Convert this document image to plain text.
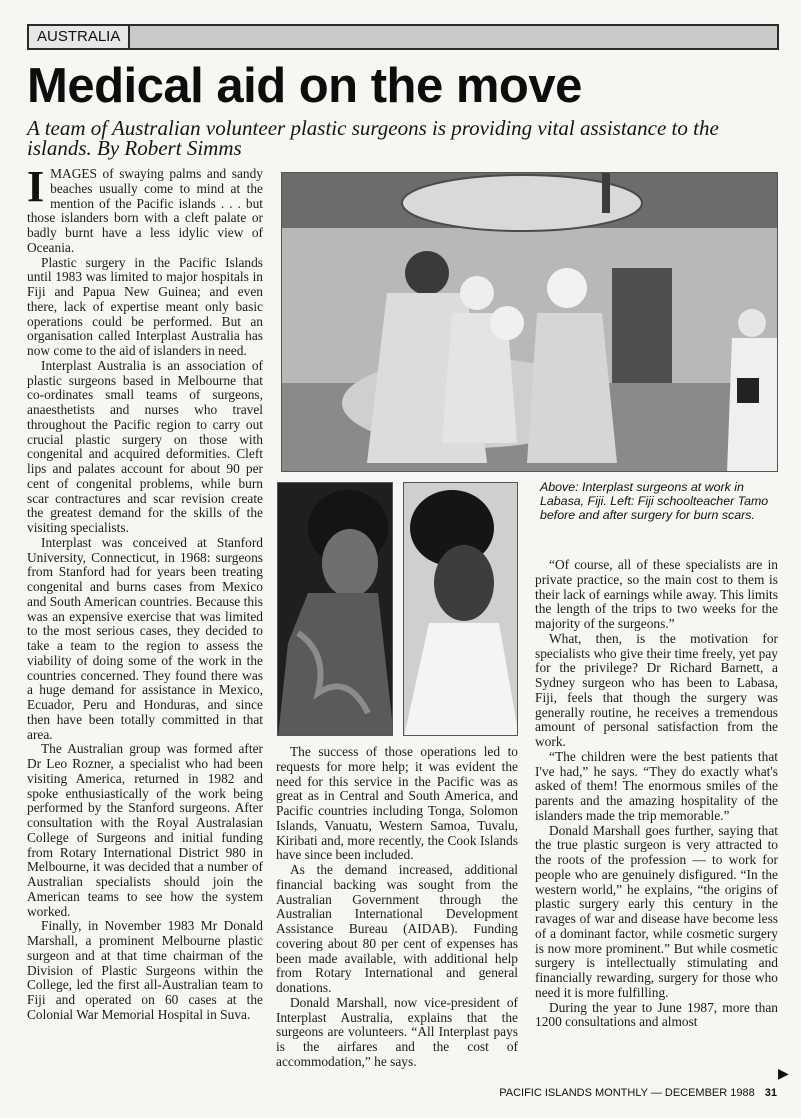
AUSTRALIA
Medical aid on the move
A team of Australian volunteer plastic surgeons is providing vital assistance to the islands. By Robert Simms

IMAGES of swaying palms and sandy beaches usually come to mind at the mention of the Pacific islands . . . but those islanders born with a cleft palate or badly burnt have a less idylic view of Oceania.

Plastic surgery in the Pacific Islands until 1983 was limited to major hospitals in Fiji and Papua New Guinea; and even there, lack of expertise meant only basic operations could be performed. But an organisation called Interplast Australia has now come to the aid of islanders in need.

Interplast Australia is an association of plastic surgeons based in Melbourne that co-ordinates small teams of surgeons, anaesthetists and nurses who travel throughout the Pacific region to carry out crucial plastic surgery on those with congenital and acquired deformities. Cleft lips and palates account for about 90 per cent of congenital problems, while burn scar contractures and scar revision create the greatest demand for the skills of the visiting specialists.

Interplast was conceived at Stanford University, Connecticut, in 1968: surgeons from Stanford had for years been treating congenital and burns cases from Mexico and South American countries. Because this was an expensive exercise that was limited to the most serious cases, they decided to take a team to the region to assess the viability of doing some of the work in the countries concerned. They found there was a huge demand for assistance in Mexico, Ecuador, Peru and Honduras, and since then have been totally committed in that area.

The Australian group was formed after Dr Leo Rozner, a specialist who had been visiting America, returned in 1982 and spoke enthusiastically of the work being performed by the Stanford surgeons. After consultation with the Royal Australasian College of Surgeons and initial funding from Rotary International District 980 in Melbourne, it was decided that a number of Australian specialists should join the American teams to see how the system worked.

Finally, in November 1983 Mr Donald Marshall, a prominent Melbourne plastic surgeon and at that time chairman of the Division of Plastic Surgeons within the College, led the first all-Australian team to Fiji and operated on 60 cases at the Colonial War Memorial Hospital in Suva.

Above: Interplast surgeons at work in Labasa, Fiji. Left: Fiji schoolteacher Tamo before and after surgery for burn scars.

The success of those operations led to requests for more help; it was evident the need for this service in the Pacific was as great as in Central and South America, and Pacific countries including Tonga, Solomon Islands, Vanuatu, Western Samoa, Tuvalu, Kiribati and, more recently, the Cook Islands have since been included.

As the demand increased, additional financial backing was sought from the Australian Government through the Australian International Development Assistance Bureau (AIDAB). Funding covering about 80 per cent of expenses has been made available, with additional help from Rotary International and general donations.

Donald Marshall, now vice-president of Interplast Australia, explains that the surgeons are volunteers. “All Interplast pays is the airfares and the cost of accommodation,” he says.

“Of course, all of these specialists are in private practice, so the main cost to them is their lack of earnings while away. This limits the length of the trips to two weeks for the majority of the surgeons.”

What, then, is the motivation for specialists who give their time freely, yet pay for the privilege? Dr Richard Barnett, a Sydney surgeon who has been to Labasa, Fiji, feels that though the surgery was generally routine, he receives a tremendous amount of personal satisfaction from the work.

“The children were the best patients that I've had,” he says. “They do exactly what's asked of them! The enormous smiles of the parents and the amazing hospitality of the islanders made the trip memorable.”

Donald Marshall goes further, saying that the true plastic surgeon is very attracted to the roots of the profession — to work for people who are genuinely disfigured. “In the western world,” he explains, “the origins of plastic surgery early this century in the ravages of war and disease have become less of a dominant factor, while cosmetic surgery is now more prominent.” But while cosmetic surgery is intellectually stimulating and financially rewarding, surgery for those who need it is more fulfilling.

During the year to June 1987, more than 1200 consultations and almost

▶
PACIFIC ISLANDS MONTHLY — DECEMBER 1988 31
